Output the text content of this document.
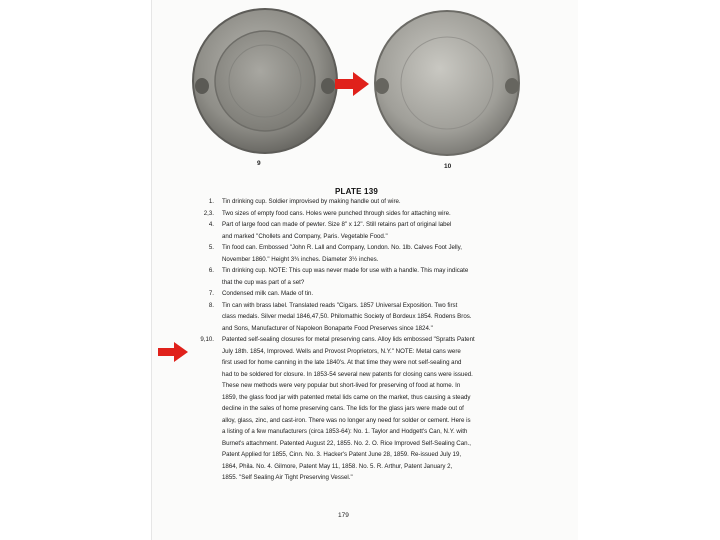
9	10
PLATE 139
1.	Tin drinking cup. Soldier improvised by making handle out of wire.
2,3.	Two sizes of empty food cans. Holes were punched through sides for attaching wire.
4.	Part of large food can made of pewter. Size 8" x 12". Still retains part of original label
and marked "Chollets and Company, Paris. Vegetable Food."
5.	Tin food can. Embossed "John R. Lall and Company, London. No. 1lb. Calves Foot Jelly,
November 1860." Height 3¾ inches. Diameter 3½ inches.
6.	Tin drinking cup. NOTE: This cup was never made for use with a handle. This may indicate
that the cup was part of a set?
7.	Condensed milk can. Made of tin.
8.	Tin can with brass label. Translated reads "Cigars. 1857 Universal Exposition. Two first
class medals. Silver medal 1846,47,50. Philomathic Society of Bordeux 1854. Rodens Bros.
and Sons, Manufacturer of Napoleon Bonaparte Food Preserves since 1824."
9,10.	Patented self-sealing closures for metal preserving cans. Alloy lids embossed "Spratts Patent
July 18th. 1854, Improved. Wells and Provost Proprietors, N.Y." NOTE: Metal cans were
first used for home canning in the late 1840's. At that time they were not self-sealing and
had to be soldered for closure. In 1853-54 several new patents for closing cans were issued.
These new methods were very popular but short-lived for preserving of food at home. In
1859, the glass food jar with patented metal lids came on the market, thus causing a steady
decline in the sales of home preserving cans. The lids for the glass jars were made out of
alloy, glass, zinc, and cast-iron. There was no longer any need for solder or cement. Here is
a listing of a few manufacturers (circa 1853-64): No. 1. Taylor and Hodgett's Can, N.Y. with
Burnet's attachment. Patented August 22, 1855. No. 2. O. Rice Improved Self-Sealing Can.,
Patent Applied for 1855, Cinn. No. 3. Hacker's Patent June 28, 1859. Re-issued July 19,
1864, Phila. No. 4. Gilmore, Patent May 11, 1858. No. 5. R. Arthur, Patent January 2,
1855. "Self Sealing Air Tight Preserving Vessel."
179
